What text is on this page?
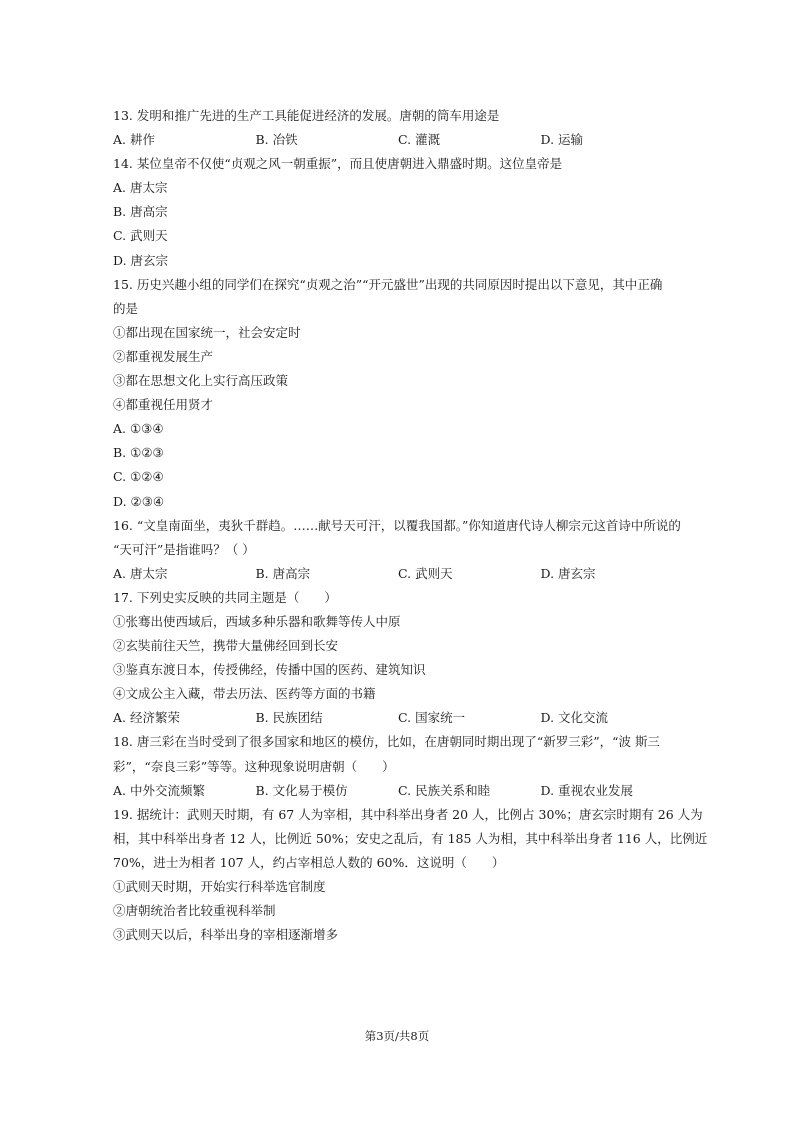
13. 发明和推广先进的生产工具能促进经济的发展。唐朝的筒车用途是
A. 耕作	B. 冶铁	C. 灌溉	D. 运输
14. 某位皇帝不仅使“贞观之风一朝重振”，而且使唐朝进入鼎盛时期。这位皇帝是
A. 唐太宗
B. 唐高宗
C. 武则天
D. 唐玄宗
15. 历史兴趣小组的同学们在探究“贞观之治”“开元盛世”出现的共同原因时提出以下意见，其中正确
的是
①都出现在国家统一，社会安定时
②都重视发展生产
③都在思想文化上实行高压政策
④都重视任用贤才
A. ①③④
B. ①②③
C. ①②④
D. ②③④
16. “文皇南面坐，夷狄千群趋。……献号天可汗，以覆我国都。”你知道唐代诗人柳宗元这首诗中所说的
“天可汗”是指谁吗？（ ）
A. 唐太宗	B. 唐高宗	C. 武则天	D. 唐玄宗
17. 下列史实反映的共同主题是（　　）
①张骞出使西域后，西域多种乐器和歌舞等传人中原
②玄奘前往天竺，携带大量佛经回到长安
③鉴真东渡日本，传授佛经，传播中国的医药、建筑知识
④文成公主入藏，带去历法、医药等方面的书籍
A. 经济繁荣	B. 民族团结	C. 国家统一	D. 文化交流
18. 唐三彩在当时受到了很多国家和地区的模仿，比如，在唐朝同时期出现了“新罗三彩”，“波 斯三
彩”，“奈良三彩”等等。这种现象说明唐朝（　　）
A. 中外交流频繁	B. 文化易于模仿	C. 民族关系和睦	D. 重视农业发展
19. 据统计：武则天时期，有 67 人为宰相，其中科举出身者 20 人，比例占 30%；唐玄宗时期有 26 人为
相，其中科举出身者 12 人，比例近 50%；安史之乱后，有 185 人为相，其中科举出身者 116 人，比例近
70%，进士为相者 107 人，约占宰相总人数的 60%．这说明（　　）
①武则天时期，开始实行科举选官制度
②唐朝统治者比较重视科举制
③武则天以后，科举出身的宰相逐渐增多
第3页/共8页
